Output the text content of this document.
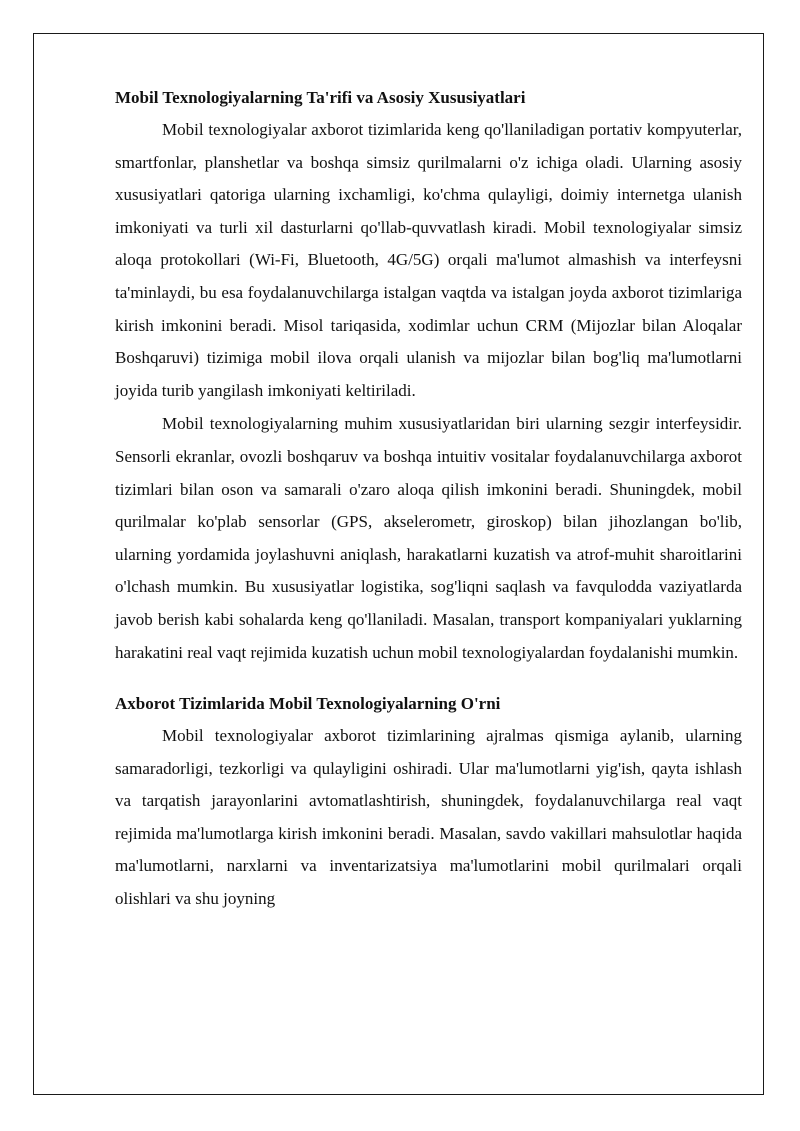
Mobil Texnologiyalarning Ta'rifi va Asosiy Xususiyatlari

Mobil texnologiyalar axborot tizimlarida keng qo'llaniladigan portativ kompyuterlar, smartfonlar, planshetlar va boshqa simsiz qurilmalarni o'z ichiga oladi. Ularning asosiy xususiyatlari qatoriga ularning ixchamligi, ko'chma qulayligi, doimiy internetga ulanish imkoniyati va turli xil dasturlarni qo'llab-quvvatlash kiradi. Mobil texnologiyalar simsiz aloqa protokollari (Wi-Fi, Bluetooth, 4G/5G) orqali ma'lumot almashish va interfeysni ta'minlaydi, bu esa foydalanuvchilarga istalgan vaqtda va istalgan joyda axborot tizimlariga kirish imkonini beradi. Misol tariqasida, xodimlar uchun CRM (Mijozlar bilan Aloqalar Boshqaruvi) tizimiga mobil ilova orqali ulanish va mijozlar bilan bog'liq ma'lumotlarni joyida turib yangilash imkoniyati keltiriladi.

Mobil texnologiyalarning muhim xususiyatlaridan biri ularning sezgir interfeysidir. Sensorli ekranlar, ovozli boshqaruv va boshqa intuitiv vositalar foydalanuvchilarga axborot tizimlari bilan oson va samarali o'zaro aloqa qilish imkonini beradi. Shuningdek, mobil qurilmalar ko'plab sensorlar (GPS, akselerometr, giroskop) bilan jihozlangan bo'lib, ularning yordamida joylashuvni aniqlash, harakatlarni kuzatish va atrof-muhit sharoitlarini o'lchash mumkin. Bu xususiyatlar logistika, sog'liqni saqlash va favqulodda vaziyatlarda javob berish kabi sohalarda keng qo'llaniladi. Masalan, transport kompaniyalari yuklarning harakatini real vaqt rejimida kuzatish uchun mobil texnologiyalardan foydalanishi mumkin.

Axborot Tizimlarida Mobil Texnologiyalarning O'rni

Mobil texnologiyalar axborot tizimlarining ajralmas qismiga aylanib, ularning samaradorligi, tezkorligi va qulayligini oshiradi. Ular ma'lumotlarni yig'ish, qayta ishlash va tarqatish jarayonlarini avtomatlashtirish, shuningdek, foydalanuvchilarga real vaqt rejimida ma'lumotlarga kirish imkonini beradi. Masalan, savdo vakillari mahsulotlar haqida ma'lumotlarni, narxlarni va inventarizatsiya ma'lumotlarini mobil qurilmalari orqali olishlari va shu joyning
